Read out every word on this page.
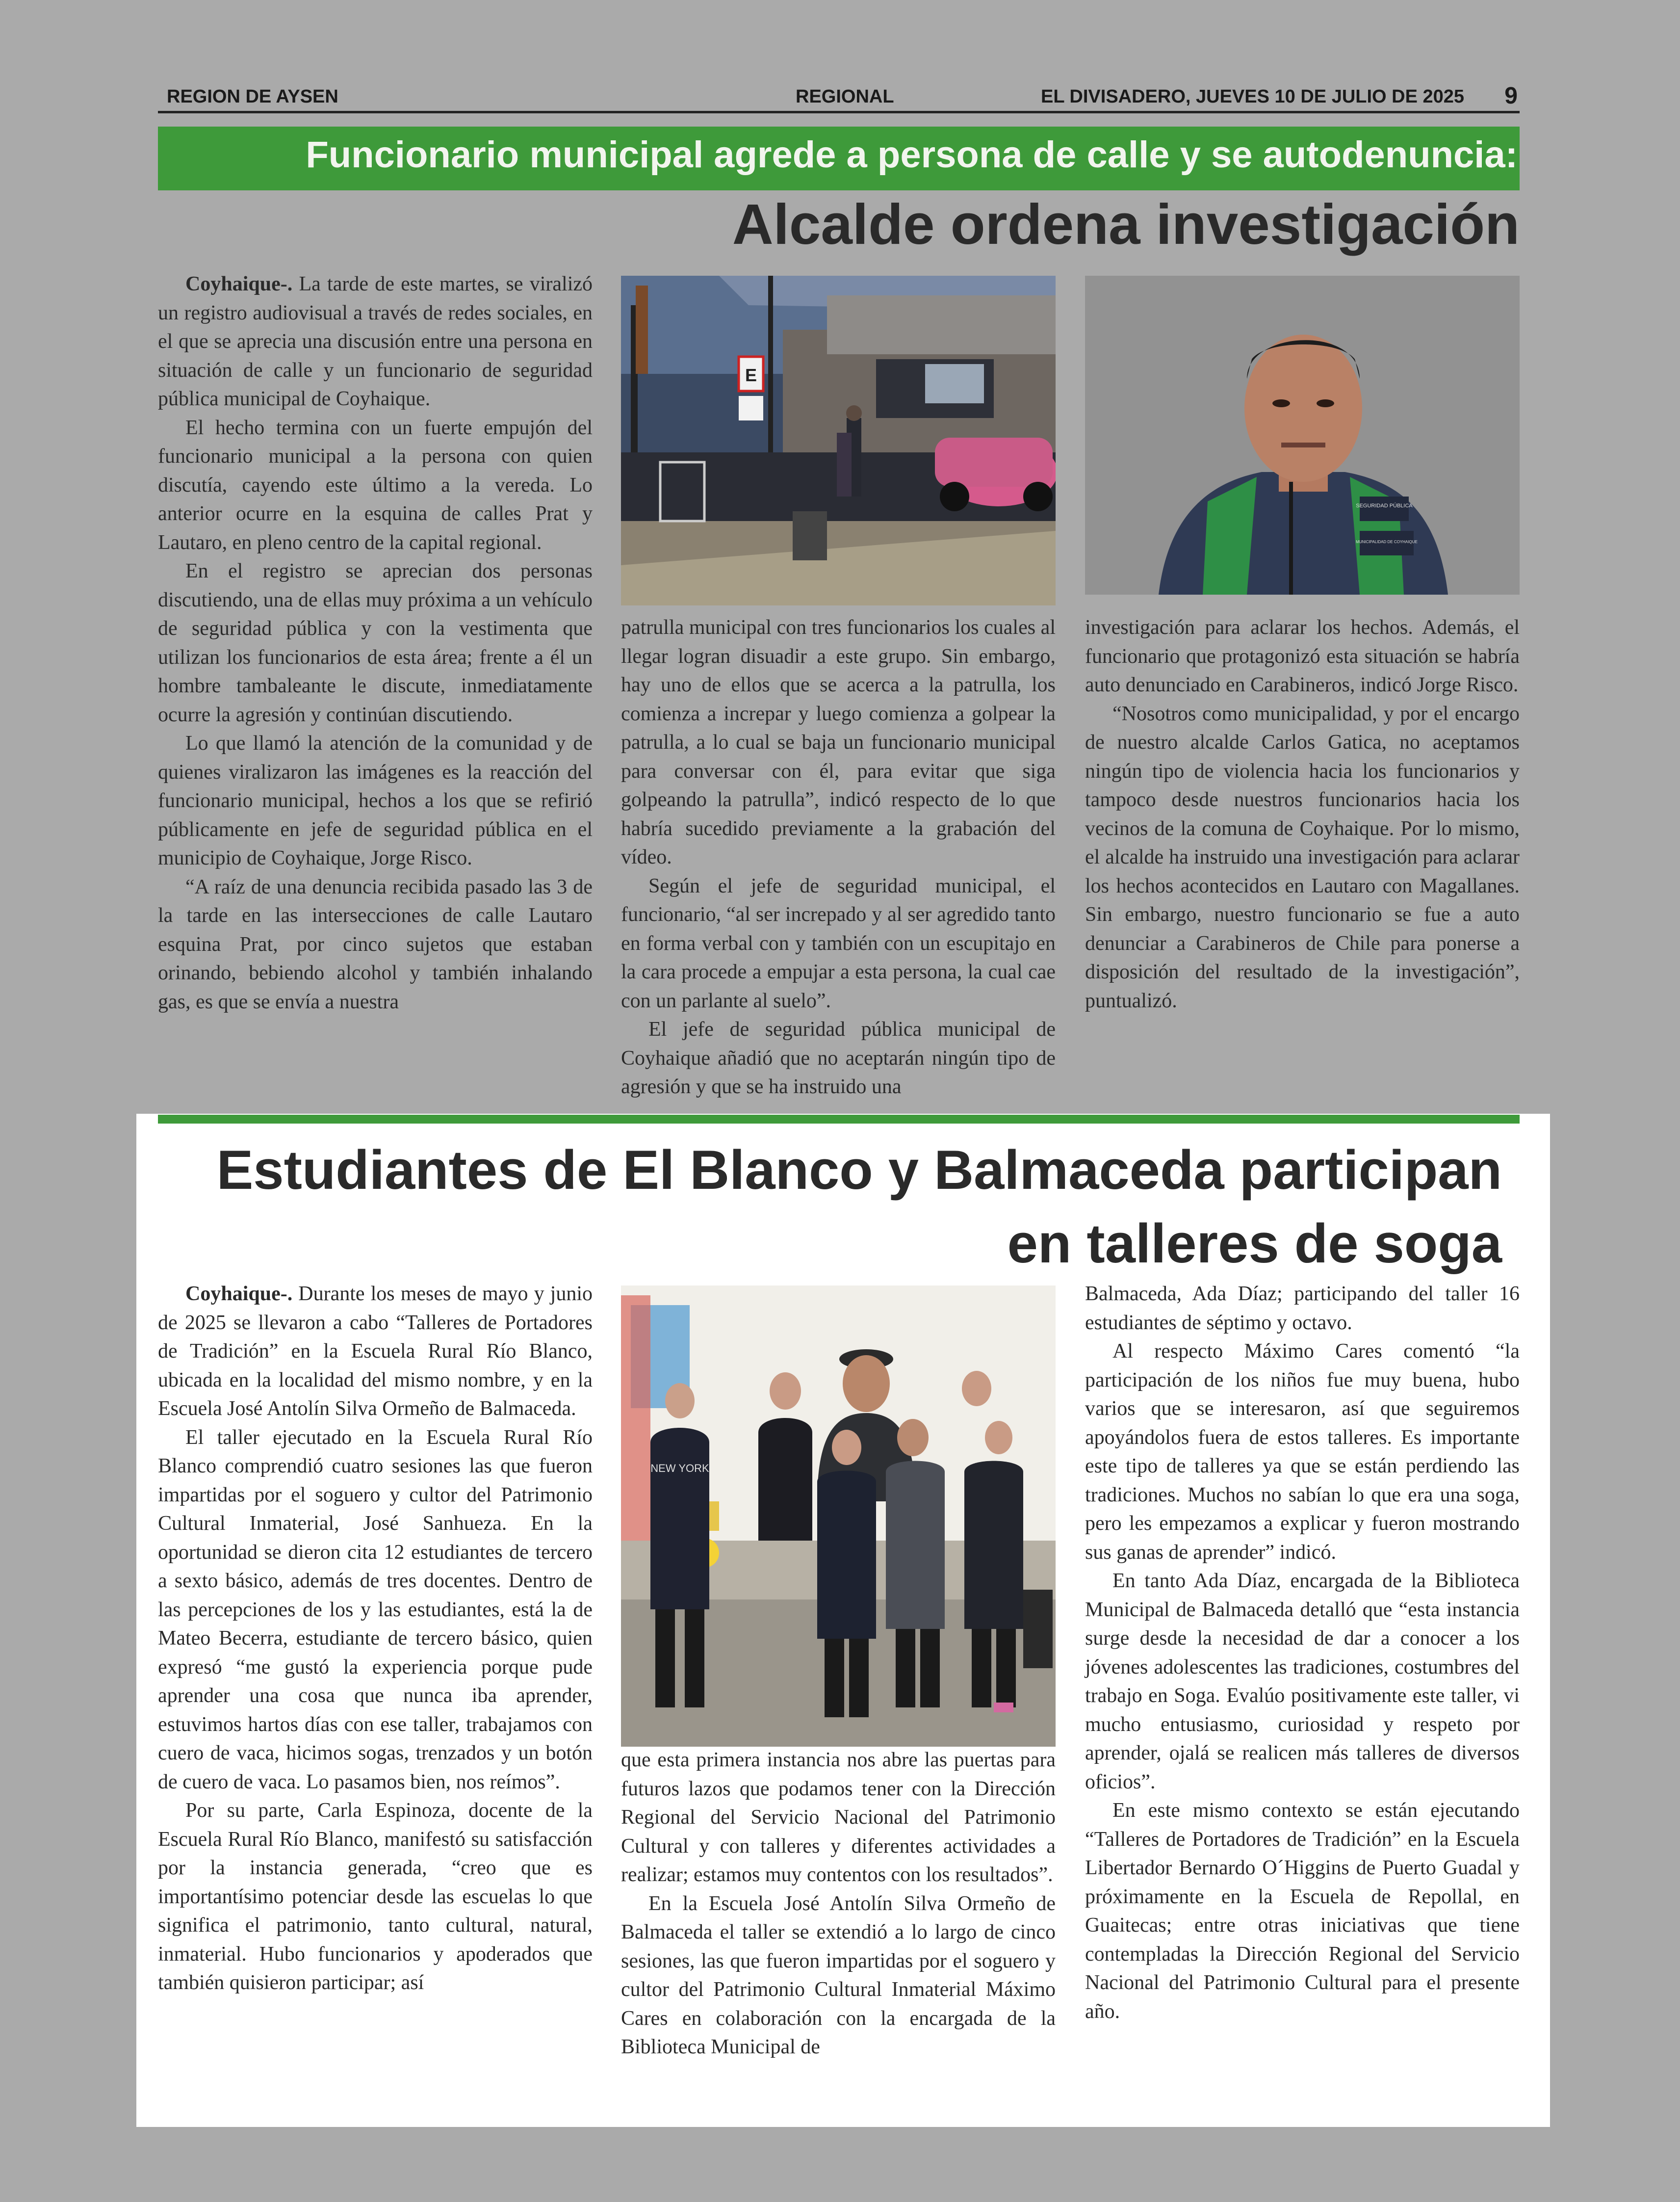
REGION DE AYSEN	REGIONAL	EL DIVISADERO, JUEVES 10 DE JULIO DE 2025 9
Funcionario municipal agrede a persona de calle y se autodenuncia:
Alcalde ordena investigación

Coyhaique-. La tarde de este martes, se viralizó un registro audiovisual a través de redes sociales, en el que se aprecia una discusión entre una persona en situación de calle y un funcionario de seguridad pública municipal de Coyhaique.

El hecho termina con un fuerte empujón del funcionario municipal a la persona con quien discutía, cayendo este último a la vereda. Lo anterior ocurre en la esquina de calles Prat y Lautaro, en pleno centro de la capital regional.

En el registro se aprecian dos personas discutiendo, una de ellas muy próxima a un vehículo de seguridad pública y con la vestimenta que utilizan los funcionarios de esta área; frente a él un hombre tambaleante le discute, inmediatamente ocurre la agresión y continúan discutiendo.

Lo que llamó la atención de la comunidad y de quienes viralizaron las imágenes es la reacción del funcionario municipal, hechos a los que se refirió públicamente en jefe de seguridad pública en el municipio de Coyhaique, Jorge Risco.

“A raíz de una denuncia recibida pasado las 3 de la tarde en las intersecciones de calle Lautaro esquina Prat, por cinco sujetos que estaban orinando, bebiendo alcohol y también inhalando gas, es que se envía a nuestra

patrulla municipal con tres funcionarios los cuales al llegar logran disuadir a este grupo. Sin embargo, hay uno de ellos que se acerca a la patrulla, los comienza a increpar y luego comienza a golpear la patrulla, a lo cual se baja un funcionario municipal para conversar con él, para evitar que siga golpeando la patrulla”, indicó respecto de lo que habría sucedido previamente a la grabación del vídeo.

Según el jefe de seguridad municipal, el funcionario, “al ser increpado y al ser agredido tanto en forma verbal con y también con un escupitajo en la cara procede a empujar a esta persona, la cual cae con un parlante al suelo”.

El jefe de seguridad pública municipal de Coyhaique añadió que no aceptarán ningún tipo de agresión y que se ha instruido una

investigación para aclarar los hechos. Además, el funcionario que protagonizó esta situación se habría auto denunciado en Carabineros, indicó Jorge Risco.

“Nosotros como municipalidad, y por el encargo de nuestro alcalde Carlos Gatica, no aceptamos ningún tipo de violencia hacia los funcionarios y tampoco desde nuestros funcionarios hacia los vecinos de la comuna de Coyhaique. Por lo mismo, el alcalde ha instruido una investigación para aclarar los hechos acontecidos en Lautaro con Magallanes. Sin embargo, nuestro funcionario se fue a auto denunciar a Carabineros de Chile para ponerse a disposición del resultado de la investigación”, puntualizó.

E
SEGURIDAD PÚBLICA
MUNICIPALIDAD DE COYHAIQUE
Estudiantes de El Blanco y Balmaceda participan
en talleres de soga

Coyhaique-. Durante los meses de mayo y junio de 2025 se llevaron a cabo “Talleres de Portadores de Tradición” en la Escuela Rural Río Blanco, ubicada en la localidad del mismo nombre, y en la Escuela José Antolín Silva Ormeño de Balmaceda.

El taller ejecutado en la Escuela Rural Río Blanco comprendió cuatro sesiones las que fueron impartidas por el soguero y cultor del Patrimonio Cultural Inmaterial, José Sanhueza. En la oportunidad se dieron cita 12 estudiantes de tercero a sexto básico, además de tres docentes. Dentro de las percepciones de los y las estudiantes, está la de Mateo Becerra, estudiante de tercero básico, quien expresó “me gustó la experiencia porque pude aprender una cosa que nunca iba aprender, estuvimos hartos días con ese taller, trabajamos con cuero de vaca, hicimos sogas, trenzados y un botón de cuero de vaca. Lo pasamos bien, nos reímos”.

Por su parte, Carla Espinoza, docente de la Escuela Rural Río Blanco, manifestó su satisfacción por la instancia generada, “creo que es importantísimo potenciar desde las escuelas lo que significa el patrimonio, tanto cultural, natural, inmaterial. Hubo funcionarios y apoderados que también quisieron participar; así

que esta primera instancia nos abre las puertas para futuros lazos que podamos tener con la Dirección Regional del Servicio Nacional del Patrimonio Cultural y con talleres y diferentes actividades a realizar; estamos muy contentos con los resultados”.

En la Escuela José Antolín Silva Ormeño de Balmaceda el taller se extendió a lo largo de cinco sesiones, las que fueron impartidas por el soguero y cultor del Patrimonio Cultural Inmaterial Máximo Cares en colaboración con la encargada de la Biblioteca Municipal de

Balmaceda, Ada Díaz; participando del taller 16 estudiantes de séptimo y octavo.

Al respecto Máximo Cares comentó “la participación de los niños fue muy buena, hubo varios que se interesaron, así que seguiremos apoyándolos fuera de estos talleres. Es importante este tipo de talleres ya que se están perdiendo las tradiciones. Muchos no sabían lo que era una soga, pero les empezamos a explicar y fueron mostrando sus ganas de aprender” indicó.

En tanto Ada Díaz, encargada de la Biblioteca Municipal de Balmaceda detalló que “esta instancia surge desde la necesidad de dar a conocer a los jóvenes adolescentes las tradiciones, costumbres del trabajo en Soga. Evalúo positivamente este taller, vi mucho entusiasmo, curiosidad y respeto por aprender, ojalá se realicen más talleres de diversos oficios”.

En este mismo contexto se están ejecutando “Talleres de Portadores de Tradición” en la Escuela Libertador Bernardo O´Higgins de Puerto Guadal y próximamente en la Escuela de Repollal, en Guaitecas; entre otras iniciativas que tiene contempladas la Dirección Regional del Servicio Nacional del Patrimonio Cultural para el presente año.

NEW YORK
